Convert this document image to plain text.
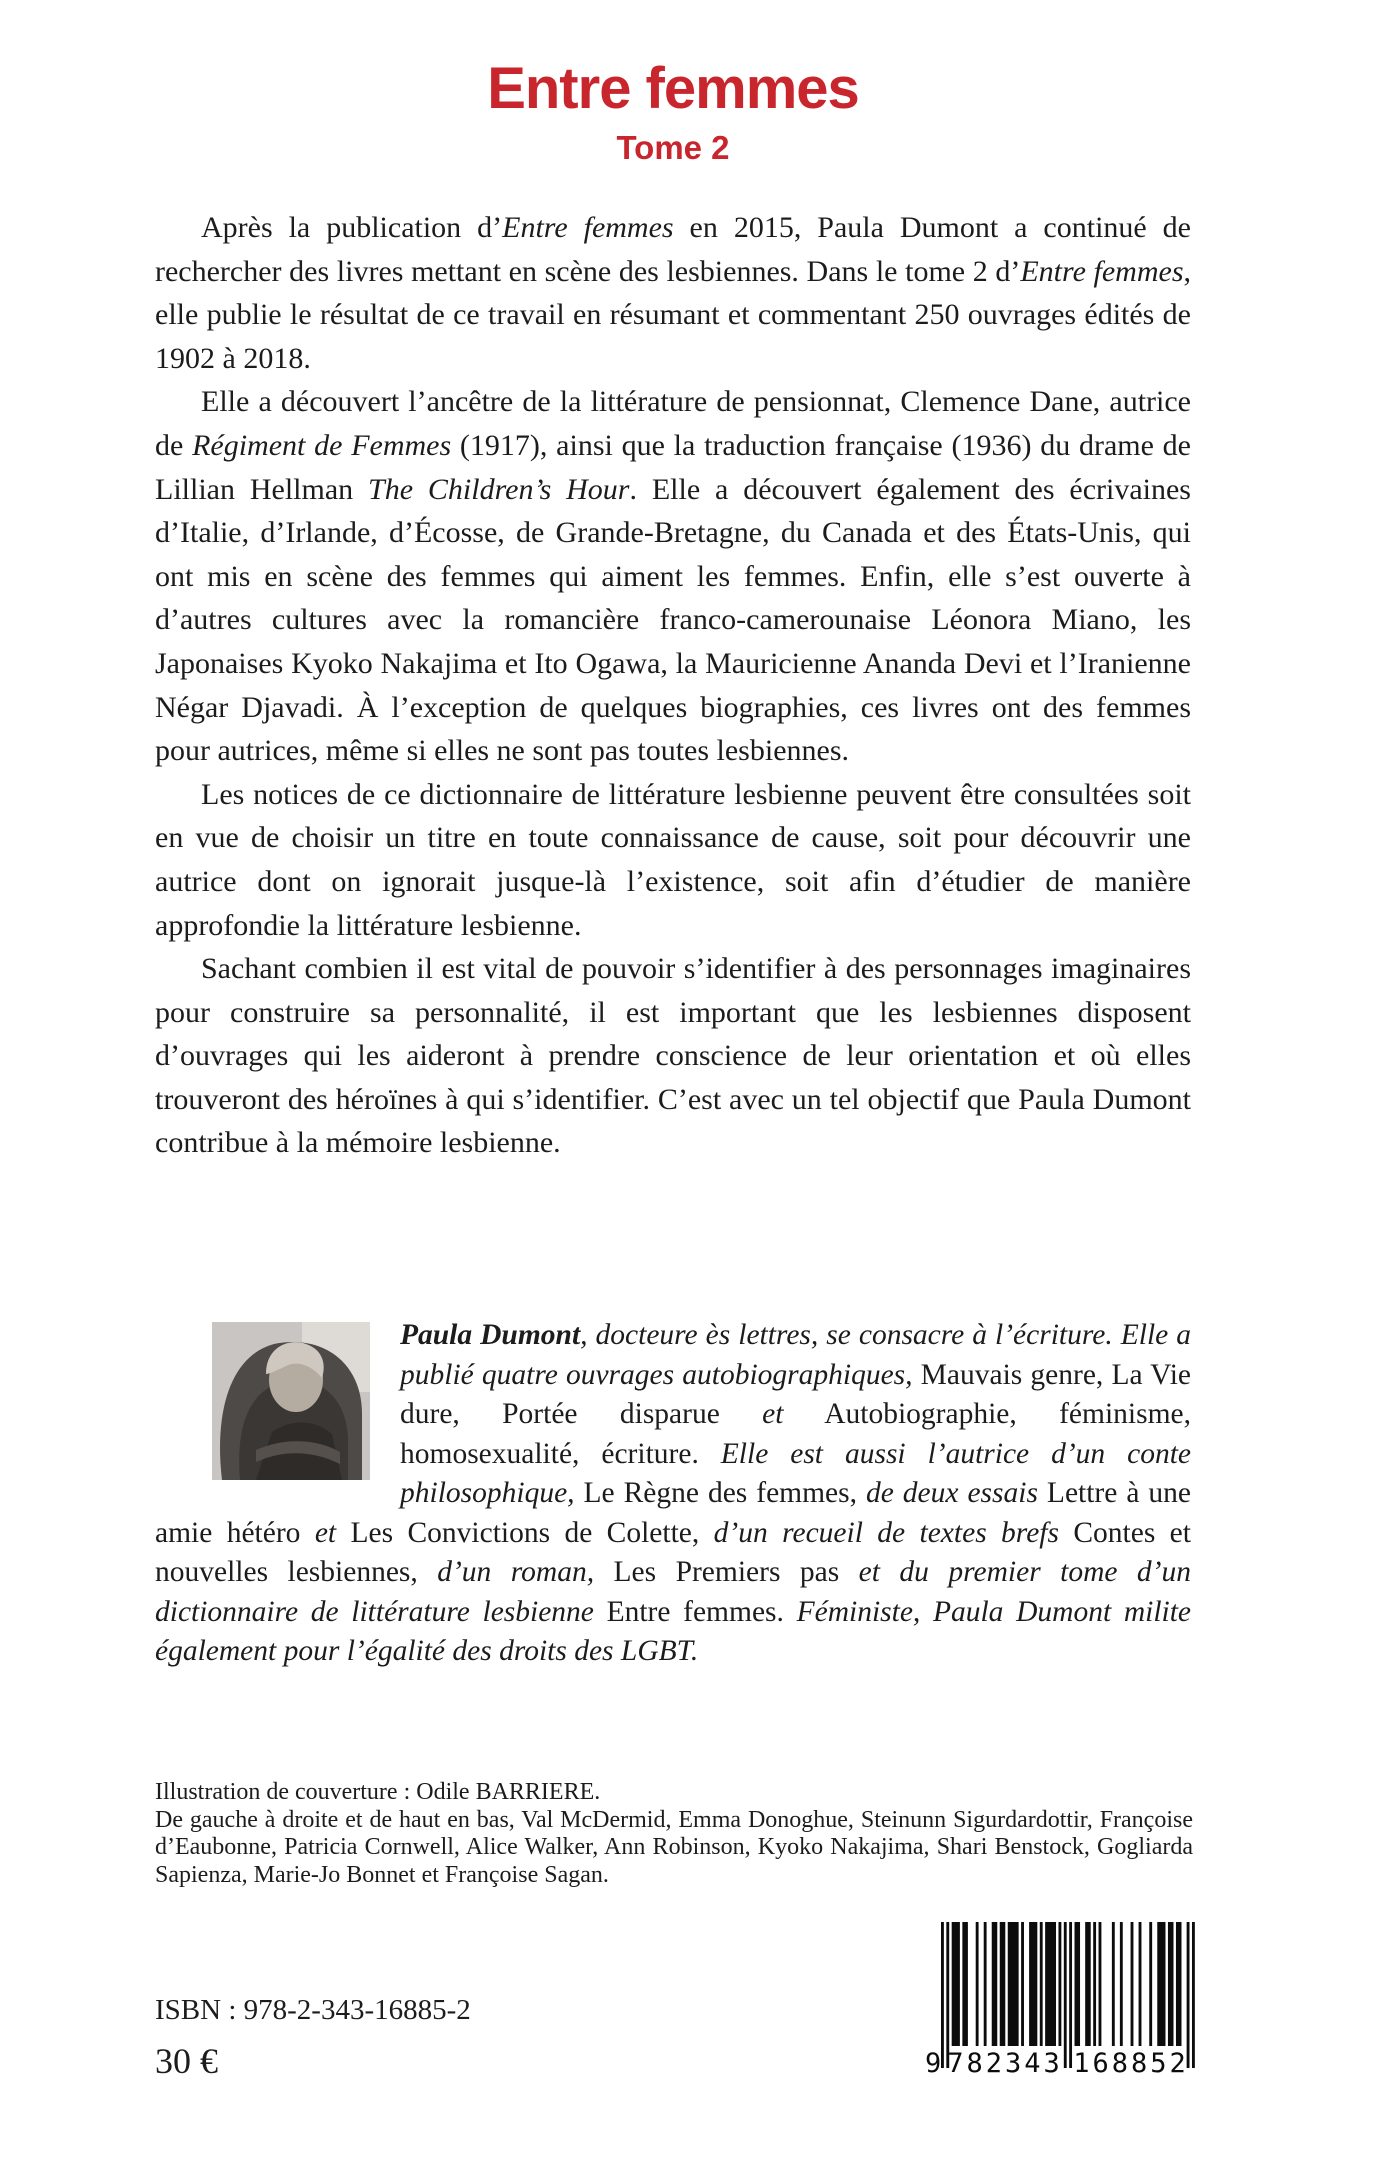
Entre femmes
Tome 2

Après la publication d’Entre femmes en 2015, Paula Dumont a continué de rechercher des livres mettant en scène des lesbiennes. Dans le tome 2 d’Entre femmes, elle publie le résultat de ce travail en résumant et commentant 250 ouvrages édités de 1902 à 2018.

Elle a découvert l’ancêtre de la littérature de pensionnat, Clemence Dane, autrice de Régiment de Femmes (1917), ainsi que la traduction française (1936) du drame de Lillian Hellman The Children’s Hour. Elle a découvert également des écrivaines d’Italie, d’Irlande, d’Écosse, de Grande-Bretagne, du Canada et des États-Unis, qui ont mis en scène des femmes qui aiment les femmes. Enfin, elle s’est ouverte à d’autres cultures avec la romancière franco-camerounaise Léonora Miano, les Japonaises Kyoko Nakajima et Ito Ogawa, la Mauricienne Ananda Devi et l’Iranienne Négar Djavadi. À l’exception de quelques biographies, ces livres ont des femmes pour autrices, même si elles ne sont pas toutes lesbiennes.

Les notices de ce dictionnaire de littérature lesbienne peuvent être consultées soit en vue de choisir un titre en toute connaissance de cause, soit pour découvrir une autrice dont on ignorait jusque-là l’existence, soit afin d’étudier de manière approfondie la littérature lesbienne.

Sachant combien il est vital de pouvoir s’identifier à des personnages imaginaires pour construire sa personnalité, il est important que les lesbiennes disposent d’ouvrages qui les aideront à prendre conscience de leur orientation et où elles trouveront des héroïnes à qui s’identifier. C’est avec un tel objectif que Paula Dumont contribue à la mémoire lesbienne.

Paula Dumont, docteure ès lettres, se consacre à l’écriture. Elle a publié quatre ouvrages autobiographiques, Mauvais genre, La Vie dure, Portée disparue et Autobiographie, féminisme, homosexualité, écriture. Elle est aussi l’autrice d’un conte philosophique, Le Règne des femmes, de deux essais Lettre à une amie hétéro et Les Convictions de Colette, d’un recueil de textes brefs Contes et nouvelles lesbiennes, d’un roman, Les Premiers pas et du premier tome d’un dictionnaire de littérature lesbienne Entre femmes. Féministe, Paula Dumont milite également pour l’égalité des droits des LGBT.

Illustration de couverture : Odile BARRIERE.

De gauche à droite et de haut en bas, Val McDermid, Emma Donoghue, Steinunn Sigurdardottir, Françoise d’Eaubonne, Patricia Cornwell, Alice Walker, Ann Robinson, Kyoko Nakajima, Shari Benstock, Gogliarda Sapienza, Marie-Jo Bonnet et Françoise Sagan.

ISBN : 978-2-343-16885-2
30 €	9 782343 168852
